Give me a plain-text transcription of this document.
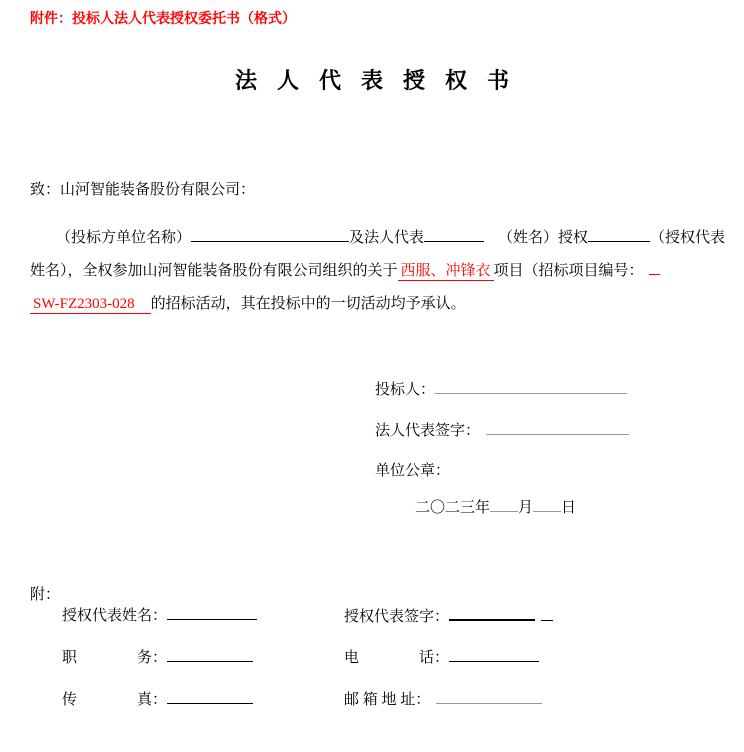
附件：投标人法人代表授权委托书（格式）
法人代表授权书
致：山河智能装备股份有限公司：
（投标方单位名称）	及法人代表	（姓名）授权	（授权代表
姓名），全权参加山河智能装备股份有限公司组织的关于 西服、冲锋衣 项目（招标项目编号：
SW-FZ2303-028 的招标活动，其在投标中的一切活动均予承认。
投标人：
法人代表签字：
单位公章：
二〇二三年 月 日
附：
授权代表姓名：	授权代表签字：
职　　　　务：	电　　　　话：
传　　　　真：	邮 箱 地 址：
